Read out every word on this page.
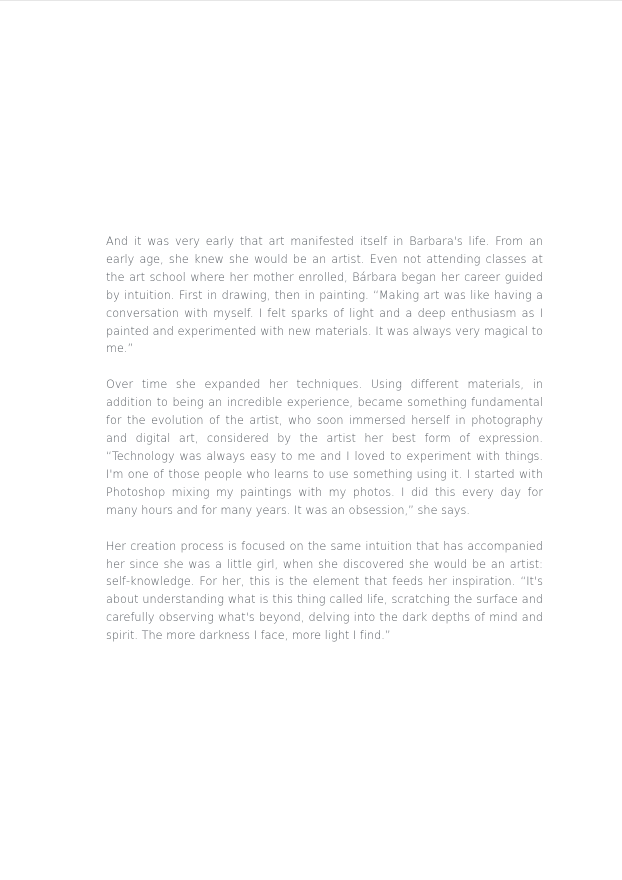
And it was very early that art manifested itself in Barbara's life. From an early age, she knew she would be an artist. Even not attending classes at the art school where her mother enrolled, Bárbara began her career guided by intuition. First in drawing, then in painting. “Making art was like having a conversation with myself. I felt sparks of light and a deep enthusiasm as I painted and experimented with new materials. It was always very magical to me.”

Over time she expanded her techniques. Using different materials, in addition to being an incredible experience, became something fundamental for the evolution of the artist, who soon immersed herself in photography and digital art, considered by the artist her best form of expression. “Technology was always easy to me and I loved to experiment with things. I'm one of those people who learns to use something using it. I started with Photoshop mixing my paintings with my photos. I did this every day for many hours and for many years. It was an obsession,” she says.

Her creation process is focused on the same intuition that has accompanied her since she was a little girl, when she discovered she would be an artist: self-knowledge. For her, this is the element that feeds her inspiration. “It's about understanding what is this thing called life, scratching the surface and carefully observing what's beyond, delving into the dark depths of mind and spirit. The more darkness I face, more light I find.”
